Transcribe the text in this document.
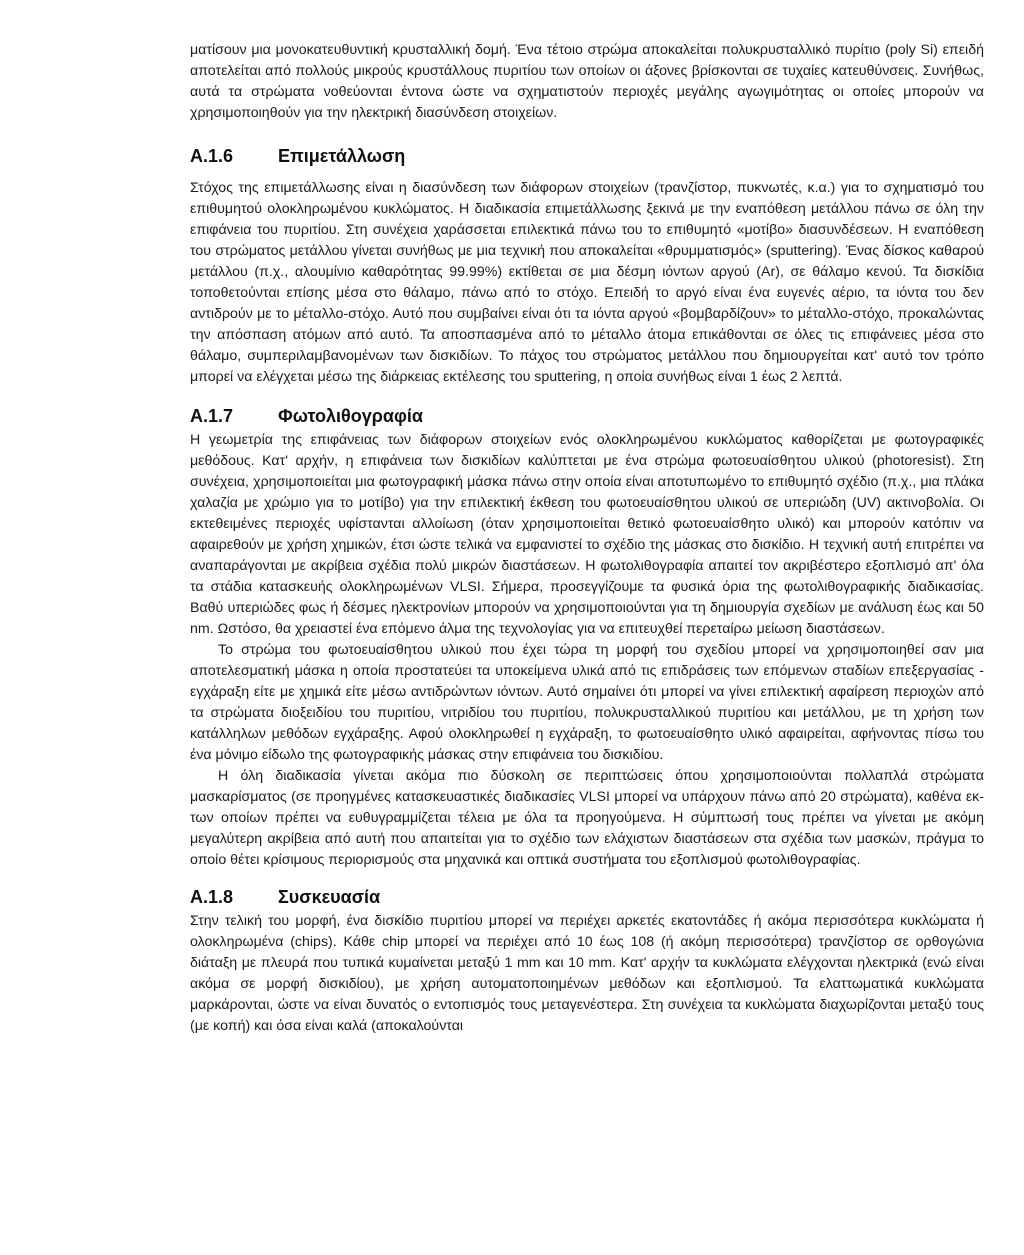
ματίσουν μια μονοκατευθυντική κρυσταλλική δομή. Ένα τέτοιο στρώμα αποκαλείται πολυκρυσταλλικό πυρίτιο (poly Si) επειδή αποτελείται από πολλούς μικρούς κρυστάλλους πυριτίου των οποίων οι άξονες βρίσκονται σε τυχαίες κατευθύνσεις. Συνήθως, αυτά τα στρώματα νοθεύονται έντονα ώστε να σχηματιστούν περιοχές μεγάλης αγωγιμότητας οι οποίες μπορούν να χρησιμοποιηθούν για την ηλεκτρική διασύνδεση στοιχείων.

A.1.6 Επιμετάλλωση

Στόχος της επιμετάλλωσης είναι η διασύνδεση των διάφορων στοιχείων (τρανζίστορ, πυκνωτές, κ.α.) για το σχηματισμό του επιθυμητού ολοκληρωμένου κυκλώματος. Η διαδικασία επιμετάλλωσης ξεκινά με την εναπόθεση μετάλλου πάνω σε όλη την επιφάνεια του πυριτίου. Στη συνέχεια χαράσσεται επιλεκτικά πάνω του το επιθυμητό «μοτίβο» διασυνδέσεων. Η εναπόθεση του στρώματος μετάλλου γίνεται συνήθως με μια τεχνική που αποκαλείται «θρυμματισμός» (sputtering). Ένας δίσκος καθαρού μετάλλου (π.χ., αλουμίνιο καθαρότητας 99.99%) εκτίθεται σε μια δέσμη ιόντων αργού (Ar), σε θάλαμο κενού. Τα δισκίδια τοποθετούνται επίσης μέσα στο θάλαμο, πάνω από το στόχο. Επειδή το αργό είναι ένα ευγενές αέριο, τα ιόντα του δεν αντιδρούν με το μέταλλο-στόχο. Αυτό που συμβαίνει είναι ότι τα ιόντα αργού «βομβαρδίζουν» το μέταλλο-στόχο, προκαλώντας την απόσπαση ατόμων από αυτό. Τα αποσπασμένα από το μέταλλο άτομα επικάθονται σε όλες τις επιφάνειες μέσα στο θάλαμο, συμπεριλαμβανομένων των δισκιδίων. Το πάχος του στρώματος μετάλλου που δημιουργείται κατ' αυτό τον τρόπο μπορεί να ελέγχεται μέσω της διάρκειας εκτέλεσης του sputtering, η οποία συνήθως είναι 1 έως 2 λεπτά.

A.1.7 Φωτολιθογραφία

Η γεωμετρία της επιφάνειας των διάφορων στοιχείων ενός ολοκληρωμένου κυκλώματος καθορίζεται με φωτογραφικές μεθόδους. Κατ' αρχήν, η επιφάνεια των δισκιδίων καλύπτεται με ένα στρώμα φωτοευαίσθητου υλικού (photoresist). Στη συνέχεια, χρησιμοποιείται μια φωτογραφική μάσκα πάνω στην οποία είναι αποτυπωμένο το επιθυμητό σχέδιο (π.χ., μια πλάκα χαλαζία με χρώμιο για το μοτίβο) για την επιλεκτική έκθεση του φωτοευαίσθητου υλικού σε υπεριώδη (UV) ακτινοβολία. Οι εκτεθειμένες περιοχές υφίστανται αλλοίωση (όταν χρησιμοποιείται θετικό φωτοευαίσθητο υλικό) και μπορούν κατόπιν να αφαιρεθούν με χρήση χημικών, έτσι ώστε τελικά να εμφανιστεί το σχέδιο της μάσκας στο δισκίδιο. Η τεχνική αυτή επιτρέπει να αναπαράγονται με ακρίβεια σχέδια πολύ μικρών διαστάσεων. Η φωτολιθογραφία απαιτεί τον ακριβέστερο εξοπλισμό απ' όλα τα στάδια κατασκευής ολοκληρωμένων VLSI. Σήμερα, προσεγγίζουμε τα φυσικά όρια της φωτολιθογραφικής διαδικασίας. Βαθύ υπεριώδες φως ή δέσμες ηλεκτρονίων μπορούν να χρησιμοποιούνται για τη δημιουργία σχεδίων με ανάλυση έως και 50 nm. Ωστόσο, θα χρειαστεί ένα επόμενο άλμα της τεχνολογίας για να επιτευχθεί περεταίρω μείωση διαστάσεων.

Το στρώμα του φωτοευαίσθητου υλικού που έχει τώρα τη μορφή του σχεδίου μπορεί να χρησιμοποιηθεί σαν μια αποτελεσματική μάσκα η οποία προστατεύει τα υποκείμενα υλικά από τις επιδράσεις των επόμενων σταδίων επεξεργασίας - εγχάραξη είτε με χημικά είτε μέσω αντιδρώντων ιόντων. Αυτό σημαίνει ότι μπορεί να γίνει επιλεκτική αφαίρεση περιοχών από τα στρώματα διοξειδίου του πυριτίου, νιτριδίου του πυριτίου, πολυκρυσταλλικού πυριτίου και μετάλλου, με τη χρήση των κατάλληλων μεθόδων εγχάραξης. Αφού ολοκληρωθεί η εγχάραξη, το φωτοευαίσθητο υλικό αφαιρείται, αφήνοντας πίσω του ένα μόνιμο είδωλο της φωτογραφικής μάσκας στην επιφάνεια του δισκιδίου.

Η όλη διαδικασία γίνεται ακόμα πιο δύσκολη σε περιπτώσεις όπου χρησιμοποιούνται πολλαπλά στρώματα μασκαρίσματος (σε προηγμένες κατασκευαστικές διαδικασίες VLSI μπορεί να υπάρχουν πάνω από 20 στρώματα), καθένα εκ-των οποίων πρέπει να ευθυγραμμίζεται τέλεια με όλα τα προηγούμενα. Η σύμπτωσή τους πρέπει να γίνεται με ακόμη μεγαλύτερη ακρίβεια από αυτή που απαιτείται για το σχέδιο των ελάχιστων διαστάσεων στα σχέδια των μασκών, πράγμα το οποίο θέτει κρίσιμους περιορισμούς στα μηχανικά και οπτικά συστήματα του εξοπλισμού φωτολιθογραφίας.

A.1.8 Συσκευασία

Στην τελική του μορφή, ένα δισκίδιο πυριτίου μπορεί να περιέχει αρκετές εκατοντάδες ή ακόμα περισσότερα κυκλώματα ή ολοκληρωμένα (chips). Κάθε chip μπορεί να περιέχει από 10 έως 108 (ή ακόμη περισσότερα) τρανζίστορ σε ορθογώνια διάταξη με πλευρά που τυπικά κυμαίνεται μεταξύ 1 mm και 10 mm. Κατ' αρχήν τα κυκλώματα ελέγχονται ηλεκτρικά (ενώ είναι ακόμα σε μορφή δισκιδίου), με χρήση αυτοματοποιημένων μεθόδων και εξοπλισμού. Τα ελαττωματικά κυκλώματα μαρκάρονται, ώστε να είναι δυνατός ο εντοπισμός τους μεταγενέστερα. Στη συνέχεια τα κυκλώματα διαχωρίζονται μεταξύ τους (με κοπή) και όσα είναι καλά (αποκαλούνται
